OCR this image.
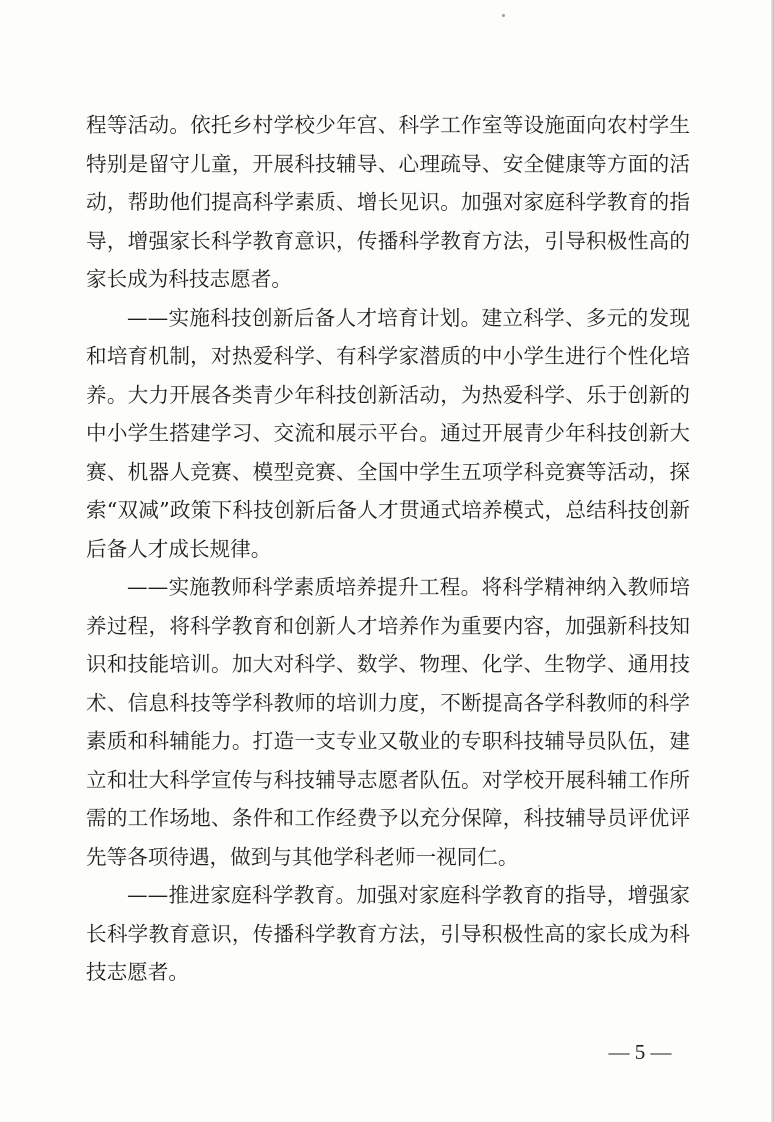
程等活动。依托乡村学校少年宫、科学工作室等设施面向农村学生特别是留守儿童，开展科技辅导、心理疏导、安全健康等方面的活动，帮助他们提高科学素质、增长见识。加强对家庭科学教育的指导，增强家长科学教育意识，传播科学教育方法，引导积极性高的家长成为科技志愿者。

——实施科技创新后备人才培育计划。建立科学、多元的发现和培育机制，对热爱科学、有科学家潜质的中小学生进行个性化培养。大力开展各类青少年科技创新活动，为热爱科学、乐于创新的中小学生搭建学习、交流和展示平台。通过开展青少年科技创新大赛、机器人竞赛、模型竞赛、全国中学生五项学科竞赛等活动，探索“双减”政策下科技创新后备人才贯通式培养模式，总结科技创新后备人才成长规律。

——实施教师科学素质培养提升工程。将科学精神纳入教师培养过程，将科学教育和创新人才培养作为重要内容，加强新科技知识和技能培训。加大对科学、数学、物理、化学、生物学、通用技术、信息科技等学科教师的培训力度，不断提高各学科教师的科学素质和科辅能力。打造一支专业又敬业的专职科技辅导员队伍，建立和壮大科学宣传与科技辅导志愿者队伍。对学校开展科辅工作所需的工作场地、条件和工作经费予以充分保障，科技辅导员评优评先等各项待遇，做到与其他学科老师一视同仁。

——推进家庭科学教育。加强对家庭科学教育的指导，增强家长科学教育意识，传播科学教育方法，引导积极性高的家长成为科技志愿者。

— 5 —
